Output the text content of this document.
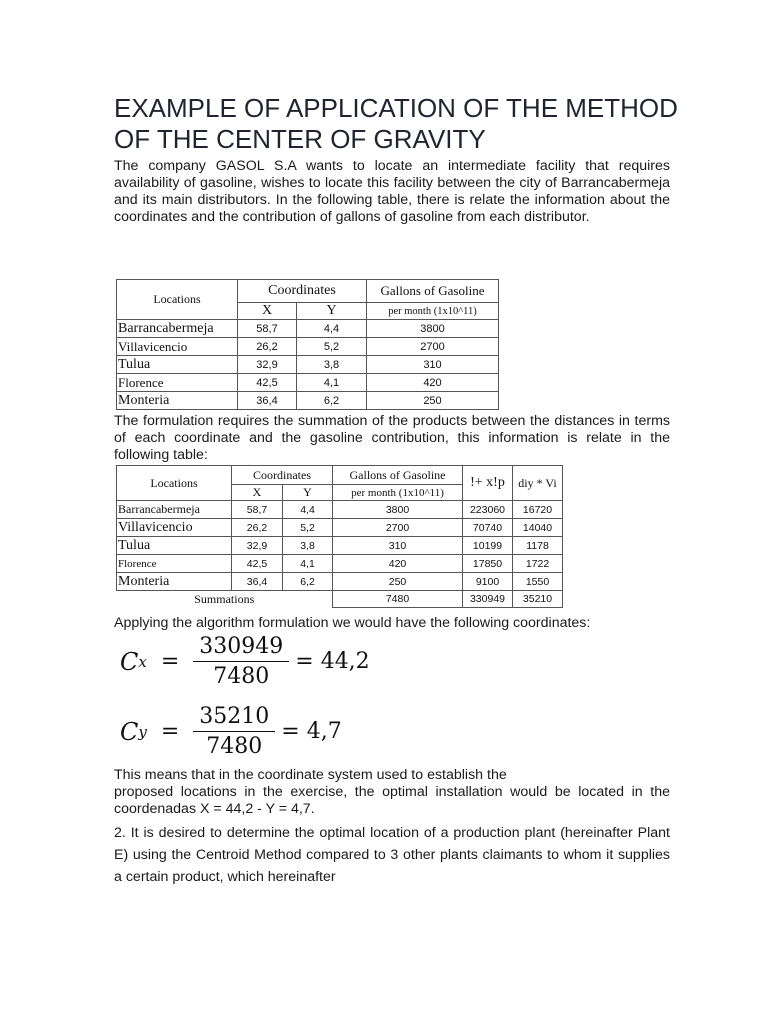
EXAMPLE OF APPLICATION OF THE METHOD OF THE CENTER OF GRAVITY

The company GASOL S.A wants to locate an intermediate facility that requires availability of gasoline, wishes to locate this facility between the city of Barrancabermeja and its main distributors. In the following table, there is relate the information about the coordinates and the contribution of gallons of gasoline from each distributor.

Locations	Coordinates		Gallons of Gasoline
	X	Y	per month (1x10^11)
Barrancabermeja	58,7	4,4	3800
Villavicencio	26,2	5,2	2700
Tulua	32,9	3,8	310
Florence	42,5	4,1	420
Monteria	36,4	6,2	250

The formulation requires the summation of the products between the distances in terms of each coordinate and the gasoline contribution, this information is relate in the following table:

Locations	Coordinates		Gallons of Gasoline	!+ x!p	diy * Vi
	X	Y	per month (1x10^11)		
Barrancabermeja	58,7	4,4	3800	223060	16720
Villavicencio	26,2	5,2	2700	70740	14040
Tulua	32,9	3,8	310	10199	1178
Florence	42,5	4,1	420	17850	1722
Monteria	36,4	6,2	250	9100	1550
Summations			7480	330949	35210

Applying the algorithm formulation we would have the following coordinates:

C $x = \frac{330949}{7480} = 44,2$
C $y = \frac{35210}{7480} = 4,7$

This means that in the coordinate system used to establish the

proposed locations in the exercise, the optimal installation would be located in the coordenadas X = 44,2 - Y = 4,7.

2. It is desired to determine the optimal location of a production plant (hereinafter Plant E) using the Centroid Method compared to 3 other plants claimants to whom it supplies a certain product, which hereinafter
